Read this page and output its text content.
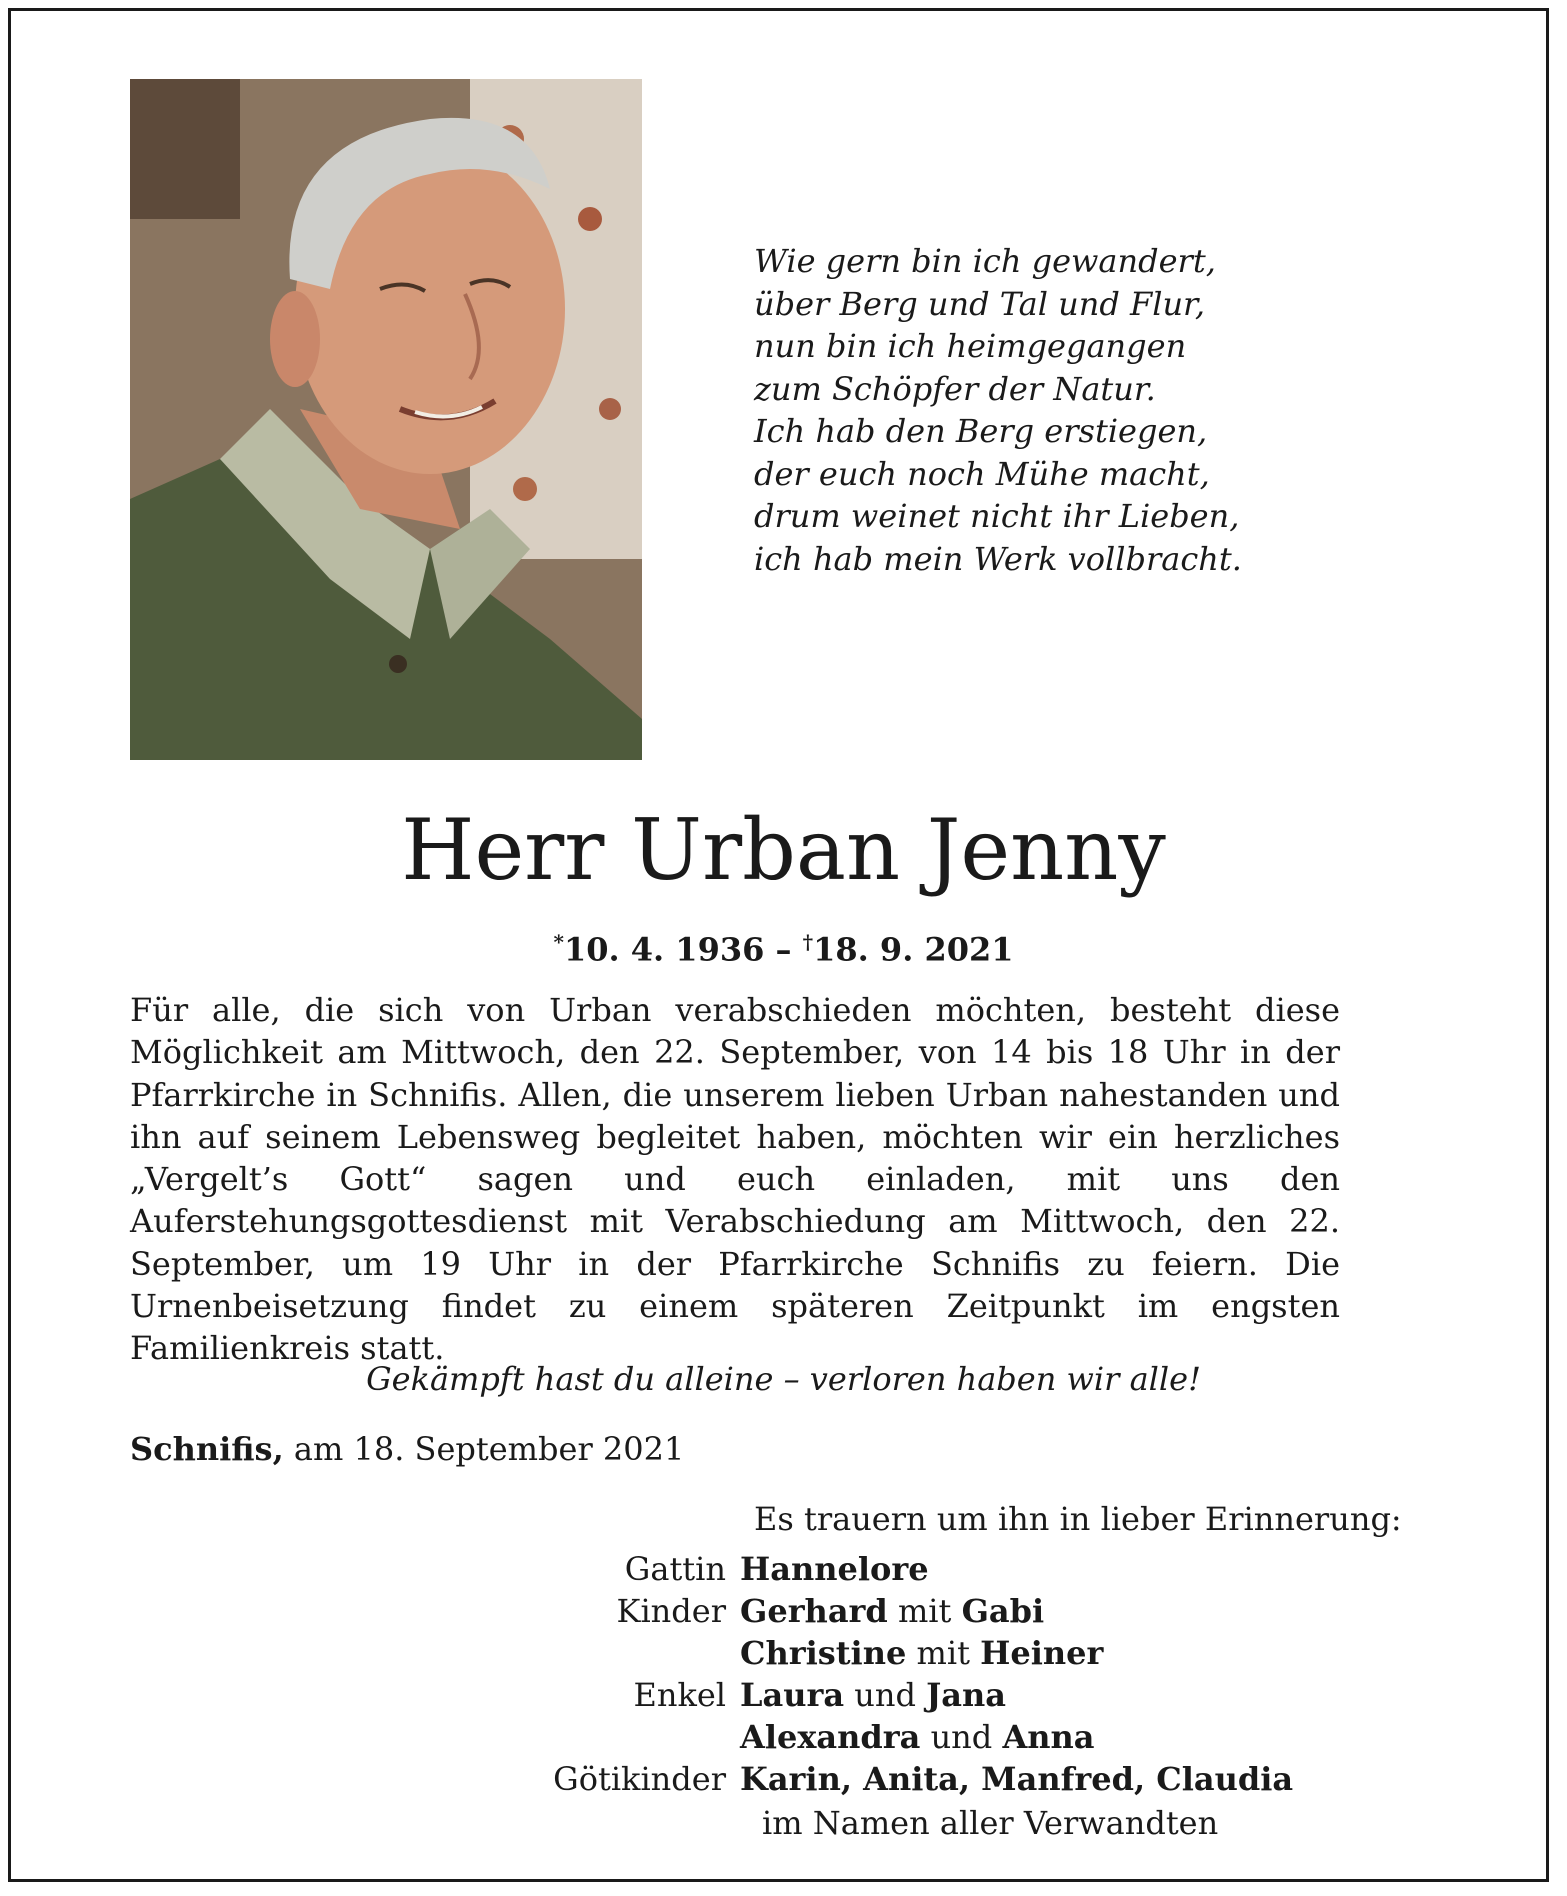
Wie gern bin ich gewandert,
über Berg und Tal und Flur,
nun bin ich heimgegangen
zum Schöpfer der Natur.
Ich hab den Berg erstiegen,
der euch noch Mühe macht,
drum weinet nicht ihr Lieben,
ich hab mein Werk vollbracht.
Herr Urban Jenny
*10. 4. 1936 – †18. 9. 2021
Für alle, die sich von Urban verabschieden möchten, besteht diese Möglichkeit am Mittwoch, den 22. September, von 14 bis 18 Uhr in der Pfarrkirche in Schnifis. Allen, die unserem lieben Urban nahestanden und ihn auf seinem Lebensweg begleitet haben, möchten wir ein herzliches „Vergelt’s Gott“ sagen und euch einladen, mit uns den Auferstehungsgottesdienst mit Verabschiedung am Mittwoch, den 22. September, um 19 Uhr in der Pfarrkirche Schnifis zu feiern. Die Urnenbeisetzung findet zu einem späteren Zeitpunkt im engsten Familienkreis statt.
Gekämpft hast du alleine – verloren haben wir alle!
Schnifis, am 18. September 2021
Es trauern um ihn in lieber Erinnerung:
Gattin Hannelore
Kinder Gerhard mit Gabi
Christine mit Heiner
Enkel Laura und Jana
Alexandra und Anna
Götikinder Karin, Anita, Manfred, Claudia
im Namen aller Verwandten
